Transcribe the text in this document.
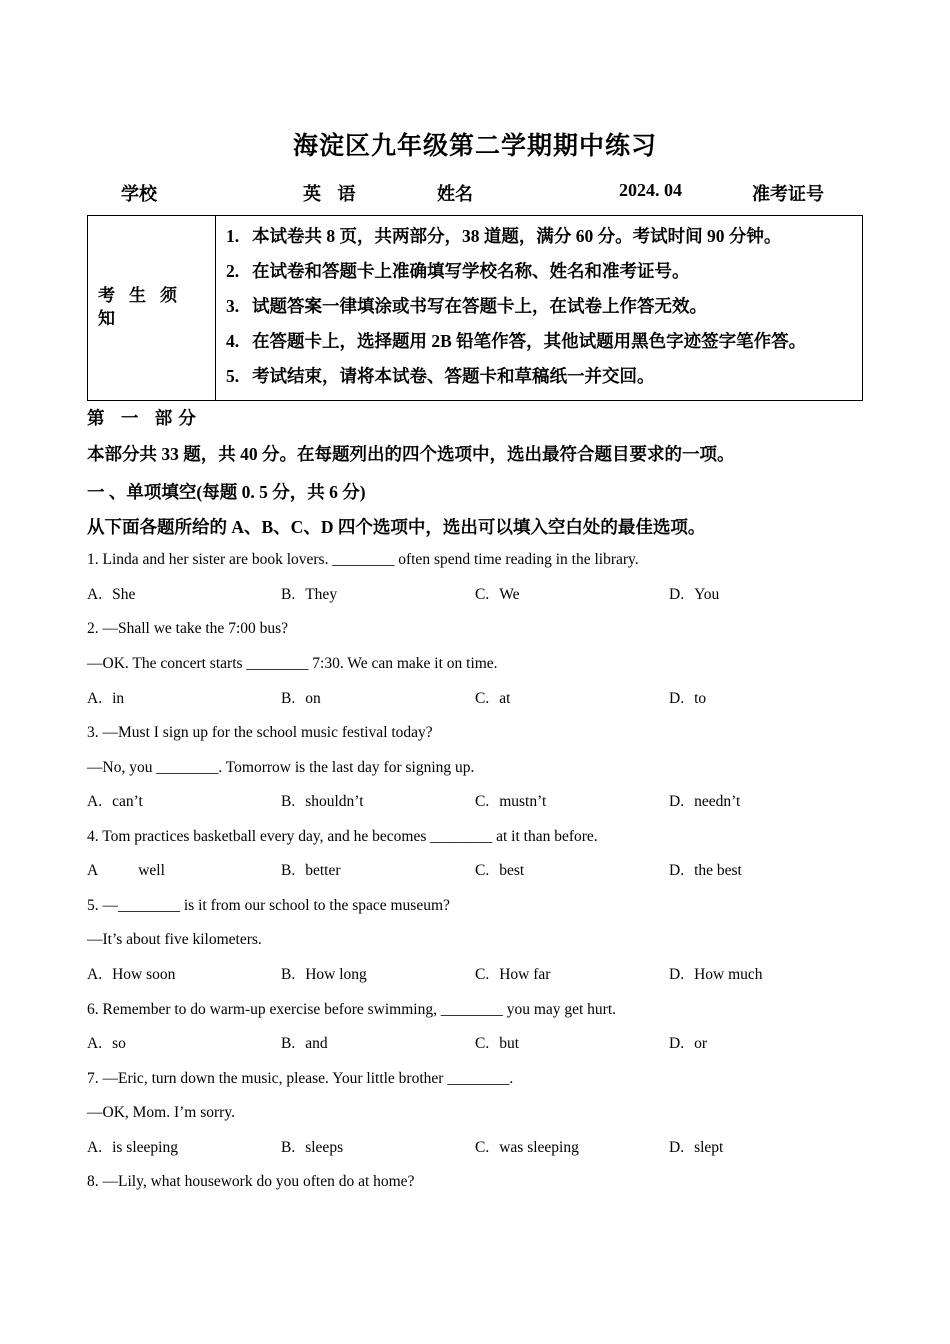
海淀区九年级第二学期期中练习
学校	英 语	姓名	2024. 04	准考证号
考生须知
1. 本试卷共 8 页，共两部分，38 道题，满分 60 分。考试时间 90 分钟。
2. 在试卷和答题卡上准确填写学校名称、姓名和准考证号。
3. 试题答案一律填涂或书写在答题卡上，在试卷上作答无效。
4. 在答题卡上，选择题用 2B 铅笔作答，其他试题用黑色字迹签字笔作答。
5. 考试结束，请将本试卷、答题卡和草稿纸一并交回。
第 一 部分
本部分共 33 题，共 40 分。在每题列出的四个选项中，选出最符合题目要求的一项。
一 、单项填空(每题 0. 5 分，共 6 分)
从下面各题所给的 A、B、C、D 四个选项中，选出可以填入空白处的最佳选项。
1. Linda and her sister are book lovers. ________ often spend time reading in the library.
A. She	B. They	C. We	D. You
2. —Shall we take the 7:00 bus?
—OK. The concert starts ________ 7:30. We can make it on time.
A. in	B. on	C. at	D. to
3. —Must I sign up for the school music festival today?
—No, you ________. Tomorrow is the last day for signing up.
A. can’t	B. shouldn’t	C. mustn’t	D. needn’t
4. Tom practices basketball every day, and he becomes ________ at it than before.
A	well	B. better	C. best	D. the best
5. —________ is it from our school to the space museum?
—It’s about five kilometers.
A. How soon	B. How long	C. How far	D. How much
6. Remember to do warm-up exercise before swimming, ________ you may get hurt.
A. so	B. and	C. but	D. or
7. —Eric, turn down the music, please. Your little brother ________.
—OK, Mom. I’m sorry.
A. is sleeping	B. sleeps	C. was sleeping	D. slept
8. —Lily, what housework do you often do at home?
